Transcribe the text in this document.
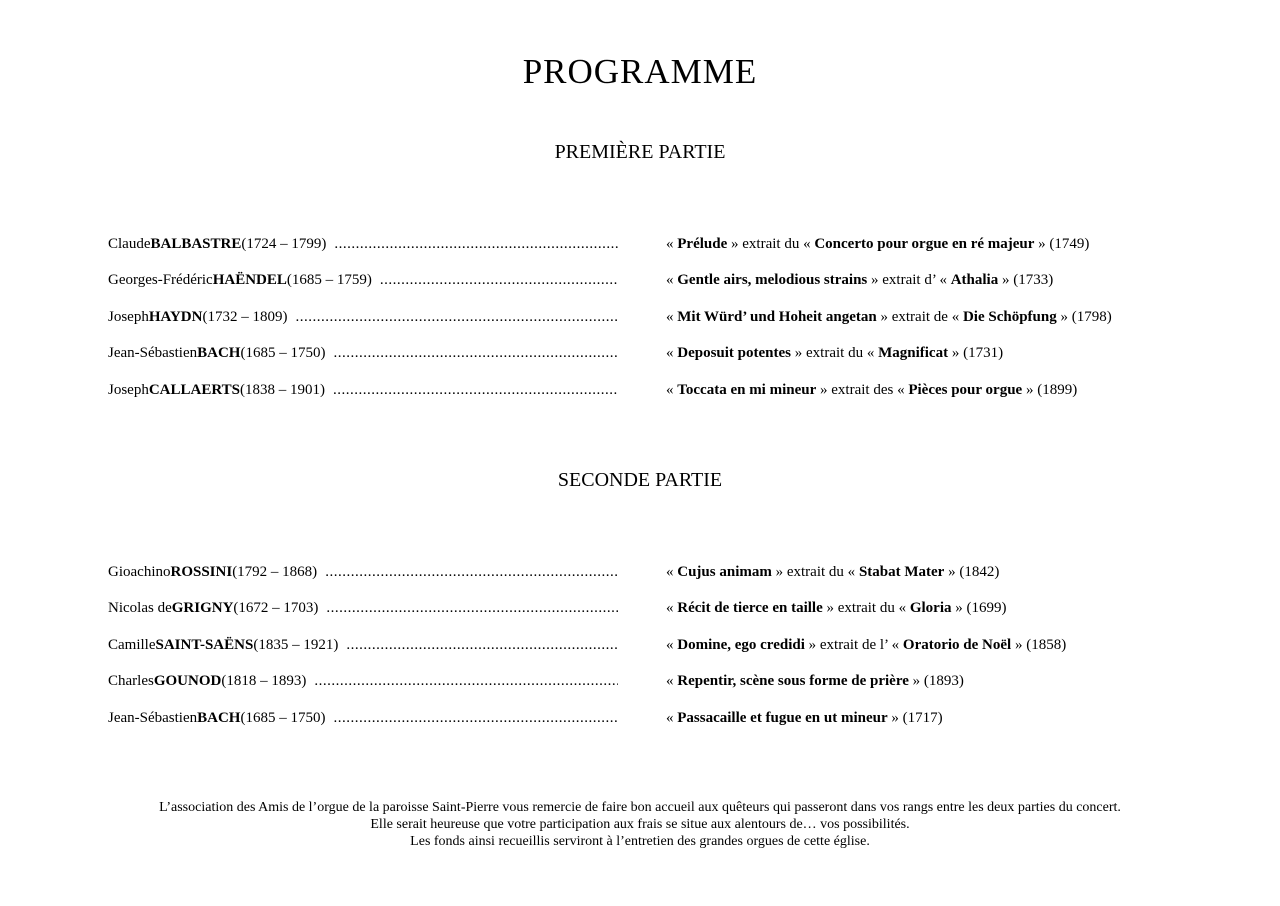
PROGRAMME
PREMIÈRE PARTIE
Claude BALBASTRE (1724 – 1799) .....	« Prélude » extrait du « Concerto pour orgue en ré majeur » (1749)
Georges-Frédéric HAËNDEL (1685 – 1759) .....	« Gentle airs, melodious strains » extrait d’ « Athalia » (1733)
Joseph HAYDN (1732 – 1809) .....	« Mit Würd’ und Hoheit angetan » extrait de « Die Schöpfung » (1798)
Jean-Sébastien BACH (1685 – 1750) .....	« Deposuit potentes » extrait du « Magnificat » (1731)
Joseph CALLAERTS (1838 – 1901) .....	« Toccata en mi mineur » extrait des « Pièces pour orgue » (1899)
SECONDE PARTIE
Gioachino ROSSINI (1792 – 1868) .....	« Cujus animam » extrait du « Stabat Mater » (1842)
Nicolas de GRIGNY (1672 – 1703) .....	« Récit de tierce en taille » extrait du « Gloria » (1699)
Camille SAINT-SAËNS (1835 – 1921) .....	« Domine, ego credidi » extrait de l’ « Oratorio de Noël » (1858)
Charles GOUNOD (1818 – 1893) .....	« Repentir, scène sous forme de prière » (1893)
Jean-Sébastien BACH (1685 – 1750) .....	« Passacaille et fugue en ut mineur » (1717)
L’association des Amis de l’orgue de la paroisse Saint-Pierre vous remercie de faire bon accueil aux quêteurs qui passeront dans vos rangs entre les deux parties du concert.
Elle serait heureuse que votre participation aux frais se situe aux alentours de… vos possibilités.
Les fonds ainsi recueillis serviront à l’entretien des grandes orgues de cette église.
